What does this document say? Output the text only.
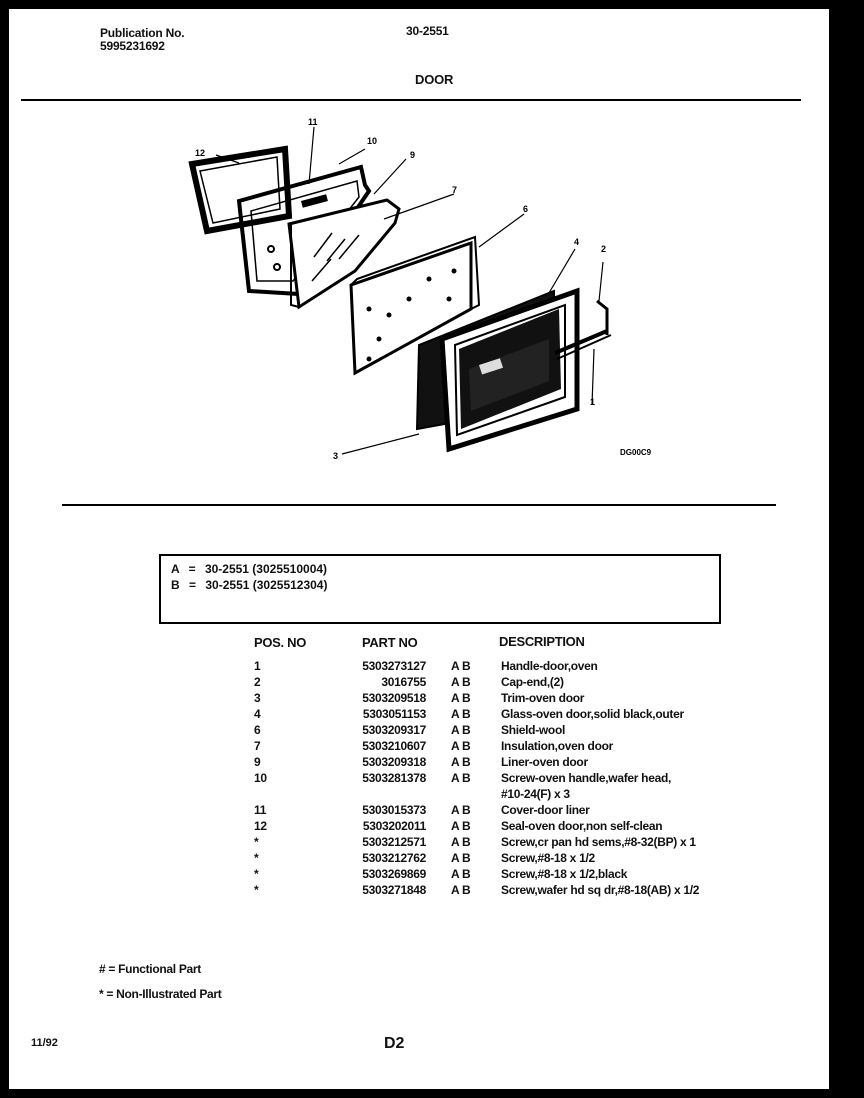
Publication No.
5995231692
30-2551
DOOR
12
11
10
9
7
6
4
2
1
3	DG00C9
A = 30-2551 (3025510004)
B = 30-2551 (3025512304)
POS. NO	PART NO	DESCRIPTION
1	5303273127 A B	Handle-door,oven
2	3016755 A B	Cap-end,(2)
3	5303209518 A B	Trim-oven door
4	5303051153 A B	Glass-oven door,solid black,outer
6	5303209317 A B	Shield-wool
7	5303210607 A B	Insulation,oven door
9	5303209318 A B	Liner-oven door
10	5303281378 A B	Screw-oven handle,wafer head,
#10-24(F) x 3
11	5303015373 A B	Cover-door liner
12	5303202011 A B	Seal-oven door,non self-clean
*	5303212571 A B	Screw,cr pan hd sems,#8-32(BP) x 1
*	5303212762 A B	Screw,#8-18 x 1/2
*	5303269869 A B	Screw,#8-18 x 1/2,black
*	5303271848 A B	Screw,wafer hd sq dr,#8-18(AB) x 1/2
# = Functional Part
* = Non-Illustrated Part
11/92	D2
